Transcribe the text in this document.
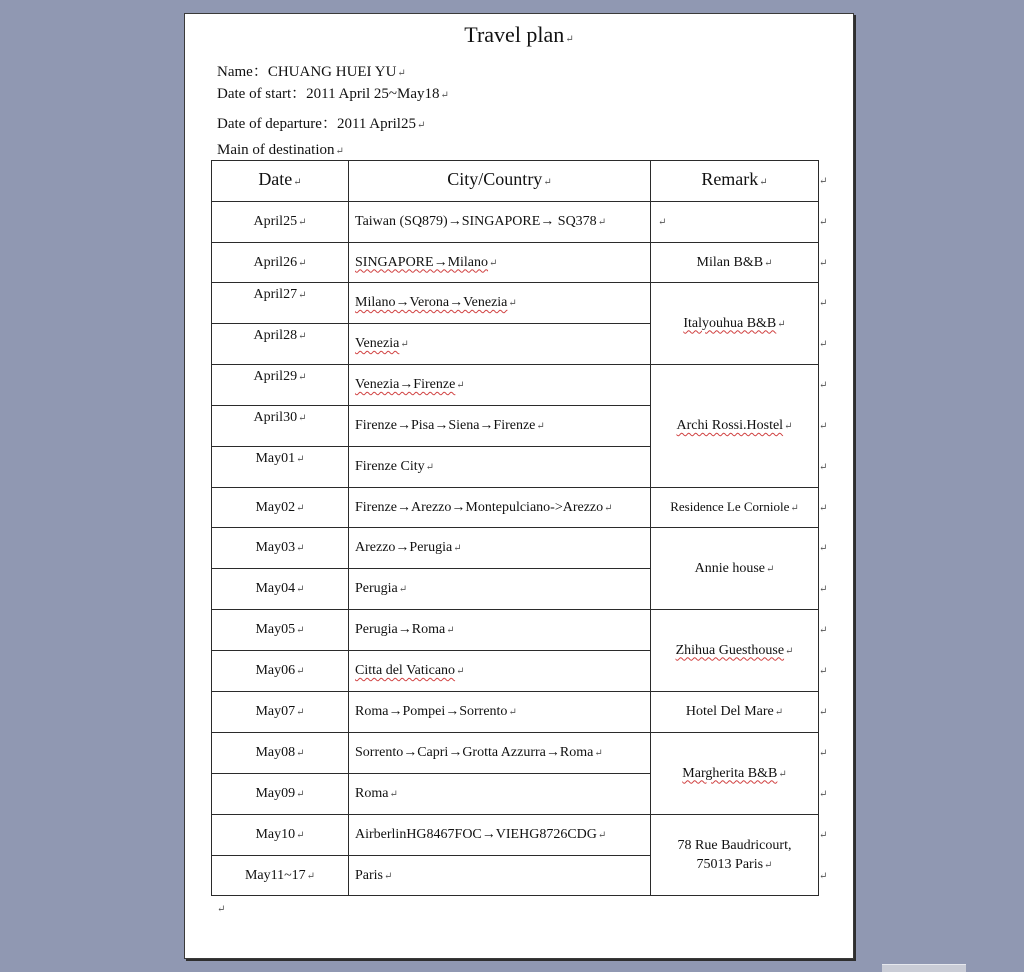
Travel plan↵
Name：CHUANG HUEI YU↵
Date of start：2011 April 25~May18↵
Date of departure：2011 April25↵
Main of destination↵
Date↵	City/Country↵	Remark↵
April25↵	Taiwan (SQ879)→SINGAPORE→ SQ378↵	↵
April26↵	SINGAPORE→Milano↵	Milan B&B↵
April27↵	Milano→Verona→Venezia↵	Italyouhua B&B↵
April28↵	Venezia↵	
April29↵	Venezia→Firenze↵	Archi Rossi.Hostel↵
April30↵	Firenze→Pisa→Siena→Firenze↵	
May01↵	Firenze City↵	
May02↵	Firenze→Arezzo→Montepulciano->Arezzo↵	Residence Le Corniole↵
May03↵	Arezzo→Perugia↵	Annie house↵
May04↵	Perugia↵	
May05↵	Perugia→Roma↵	Zhihua Guesthouse↵
May06↵	Citta del Vaticano↵	
May07↵	Roma→Pompei→Sorrento↵	Hotel Del Mare↵
May08↵	Sorrento→Capri→Grotta Azzurra→Roma↵	Margherita B&B↵
May09↵	Roma↵	
May10↵	AirberlinHG8467FOC→VIEHG8726CDG↵	78 Rue Baudricourt,
75013 Paris↵
May11~17↵	Paris↵	
↵
↵
↵
↵
↵
↵
↵
↵
↵
↵
↵
↵
↵
↵
↵
↵
↵
↵
↵
